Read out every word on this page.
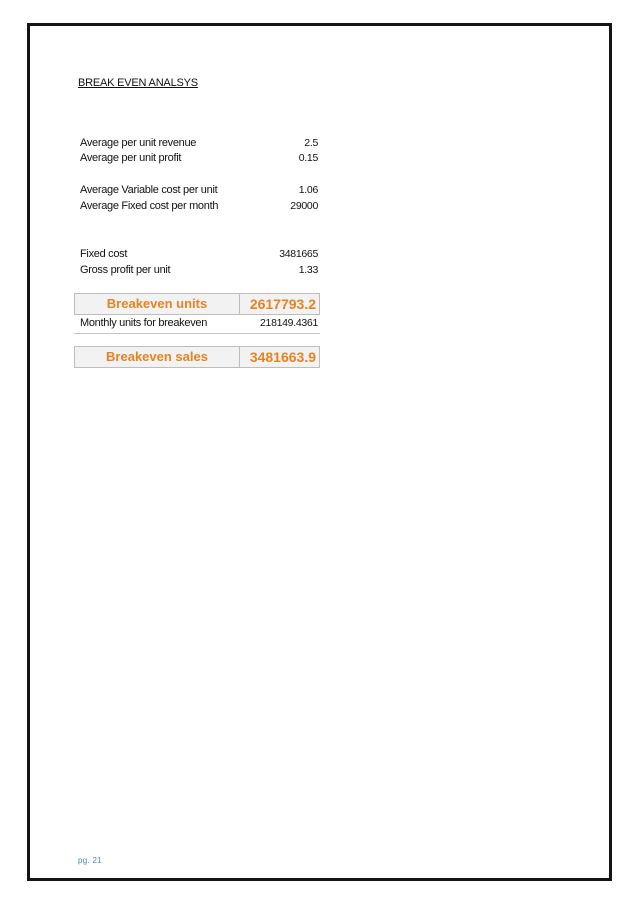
BREAK EVEN ANALSYS
Average per unit revenue	2.5
Average per unit profit	0.15
Average Variable cost per unit	1.06
Average Fixed cost per month	29000
Fixed cost	3481665
Gross profit per unit	1.33
Breakeven units	2617793.2
Monthly units for breakeven	218149.4361
Breakeven sales	3481663.9
pg. 21
